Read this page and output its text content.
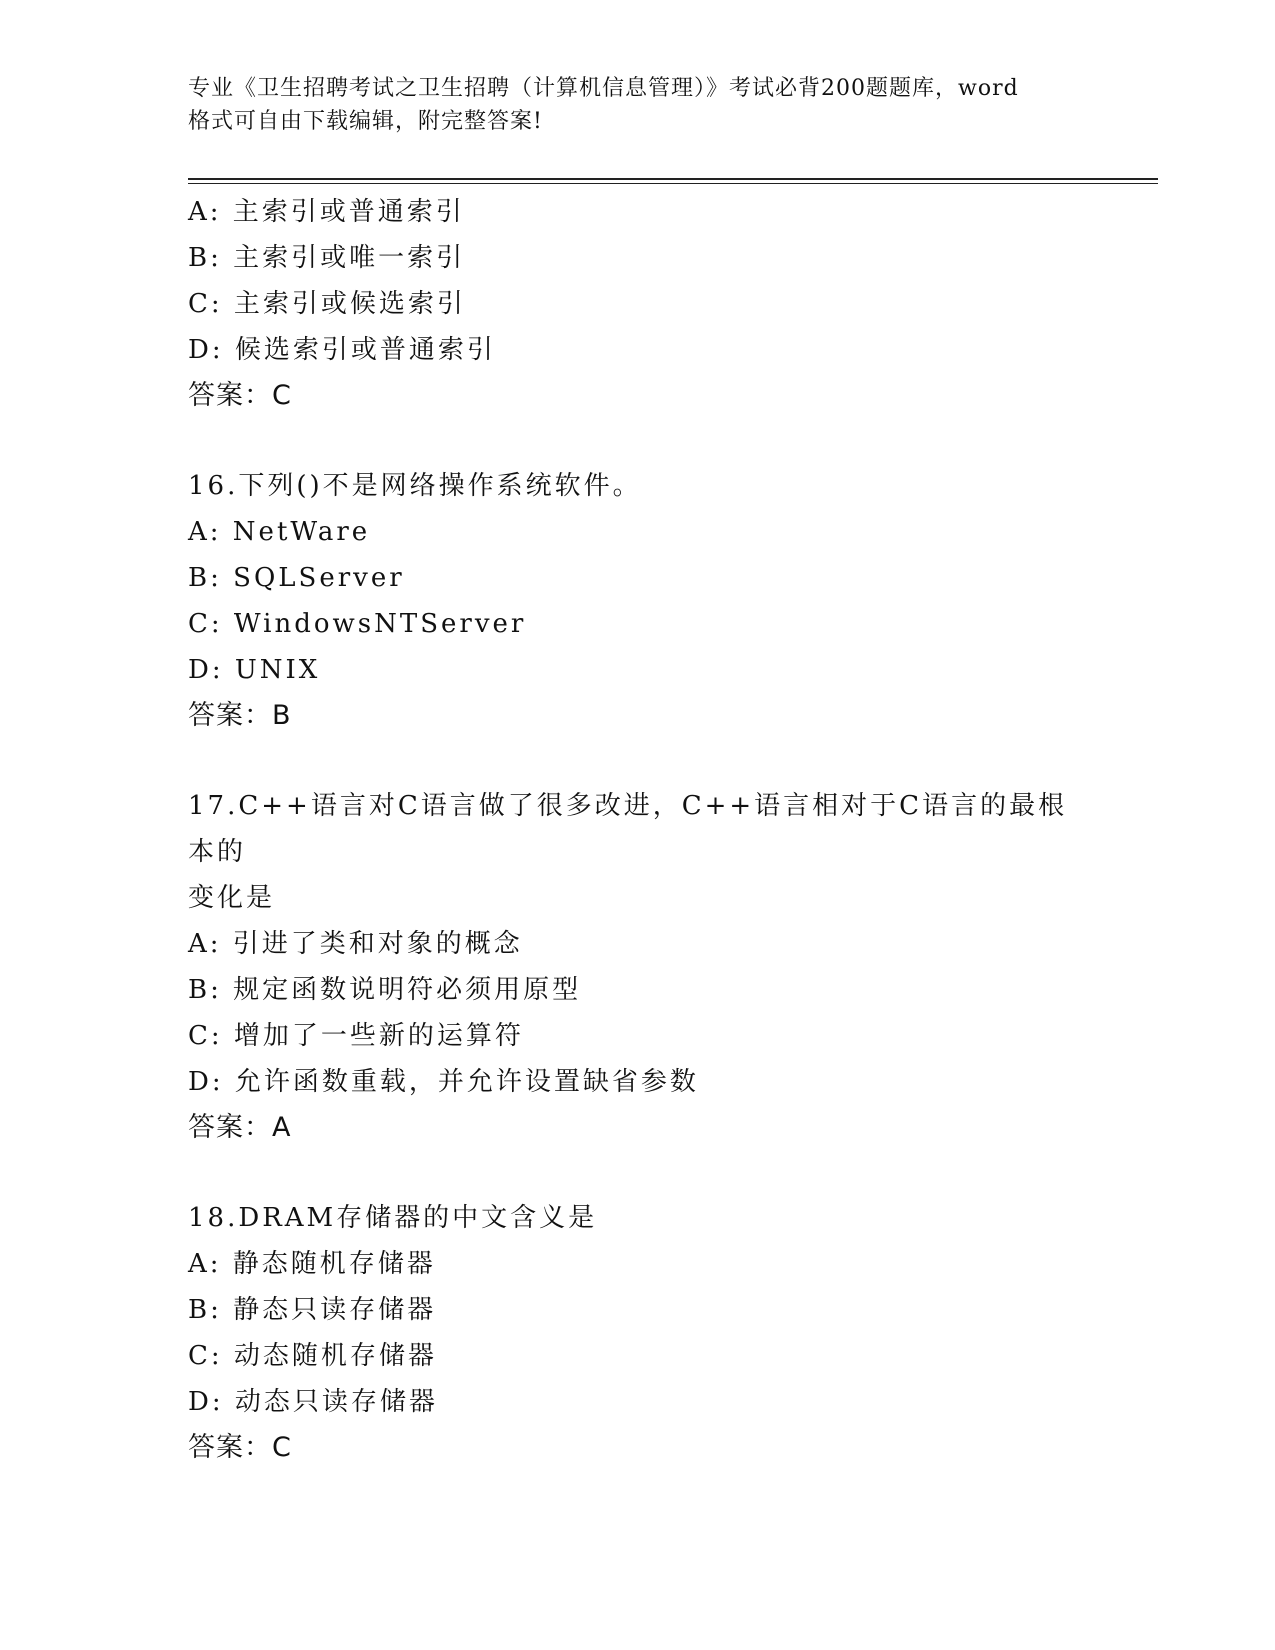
专业《卫生招聘考试之卫生招聘（计算机信息管理）》考试必背200题题库，word
格式可自由下载编辑，附完整答案!
A: 主索引或普通索引
B: 主索引或唯一索引
C: 主索引或候选索引
D: 候选索引或普通索引
答案：C
16.下列()不是网络操作系统软件。
A: NetWare
B: SQLServer
C: WindowsNTServer
D: UNIX
答案：B
17.C++语言对C语言做了很多改进，C++语言相对于C语言的最根本的
变化是
A: 引进了类和对象的概念
B: 规定函数说明符必须用原型
C: 增加了一些新的运算符
D: 允许函数重载，并允许设置缺省参数
答案：A
18.DRAM存储器的中文含义是
A: 静态随机存储器
B: 静态只读存储器
C: 动态随机存储器
D: 动态只读存储器
答案：C
